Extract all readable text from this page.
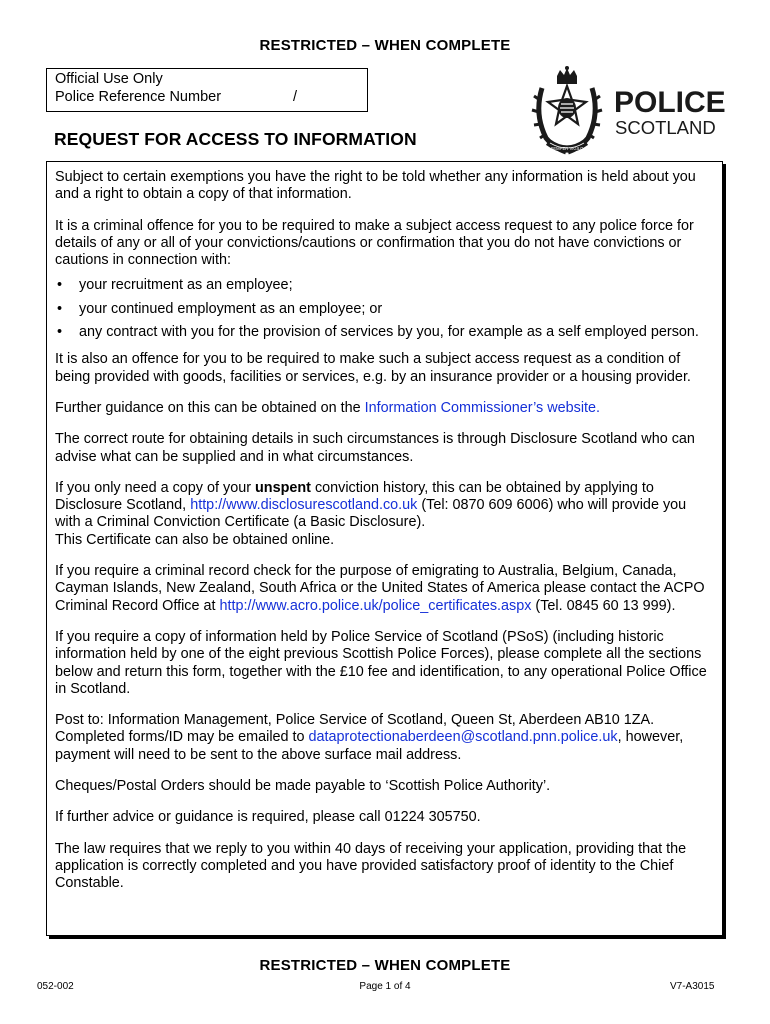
RESTRICTED – WHEN COMPLETE
Official Use Only
Police Reference Number	/	POLICE
SCOTLAND
SEMPER VIGILO
REQUEST FOR ACCESS TO INFORMATION

Subject to certain exemptions you have the right to be told whether any information is held about you and a right to obtain a copy of that information.

It is a criminal offence for you to be required to make a subject access request to any police force for details of any or all of your convictions/cautions or confirmation that you do not have convictions or cautions in connection with:

• your recruitment as an employee;
• your continued employment as an employee; or
• any contract with you for the provision of services by you, for example as a self employed person.

It is also an offence for you to be required to make such a subject access request as a condition of being provided with goods, facilities or services, e.g. by an insurance provider or a housing provider.

Further guidance on this can be obtained on the Information Commissioner’s website.

The correct route for obtaining details in such circumstances is through Disclosure Scotland who can advise what can be supplied and in what circumstances.

If you only need a copy of your unspent conviction history, this can be obtained by applying to Disclosure Scotland, http://www.disclosurescotland.co.uk (Tel: 0870 609 6006) who will provide you with a Criminal Conviction Certificate (a Basic Disclosure).
This Certificate can also be obtained online.

If you require a criminal record check for the purpose of emigrating to Australia, Belgium, Canada, Cayman Islands, New Zealand, South Africa or the United States of America please contact the ACPO Criminal Record Office at http://www.acro.police.uk/police_certificates.aspx (Tel. 0845 60 13 999).

If you require a copy of information held by Police Service of Scotland (PSoS) (including historic information held by one of the eight previous Scottish Police Forces), please complete all the sections below and return this form, together with the £10 fee and identification, to any operational Police Office in Scotland.

Post to: Information Management, Police Service of Scotland, Queen St, Aberdeen AB10 1ZA.
Completed forms/ID may be emailed to dataprotectionaberdeen@scotland.pnn.police.uk, however, payment will need to be sent to the above surface mail address.

Cheques/Postal Orders should be made payable to ‘Scottish Police Authority’.

If further advice or guidance is required, please call 01224 305750.

The law requires that we reply to you within 40 days of receiving your application, providing that the application is correctly completed and you have provided satisfactory proof of identity to the Chief Constable.

RESTRICTED – WHEN COMPLETE
052-002	Page 1 of 4	V7-A3015
